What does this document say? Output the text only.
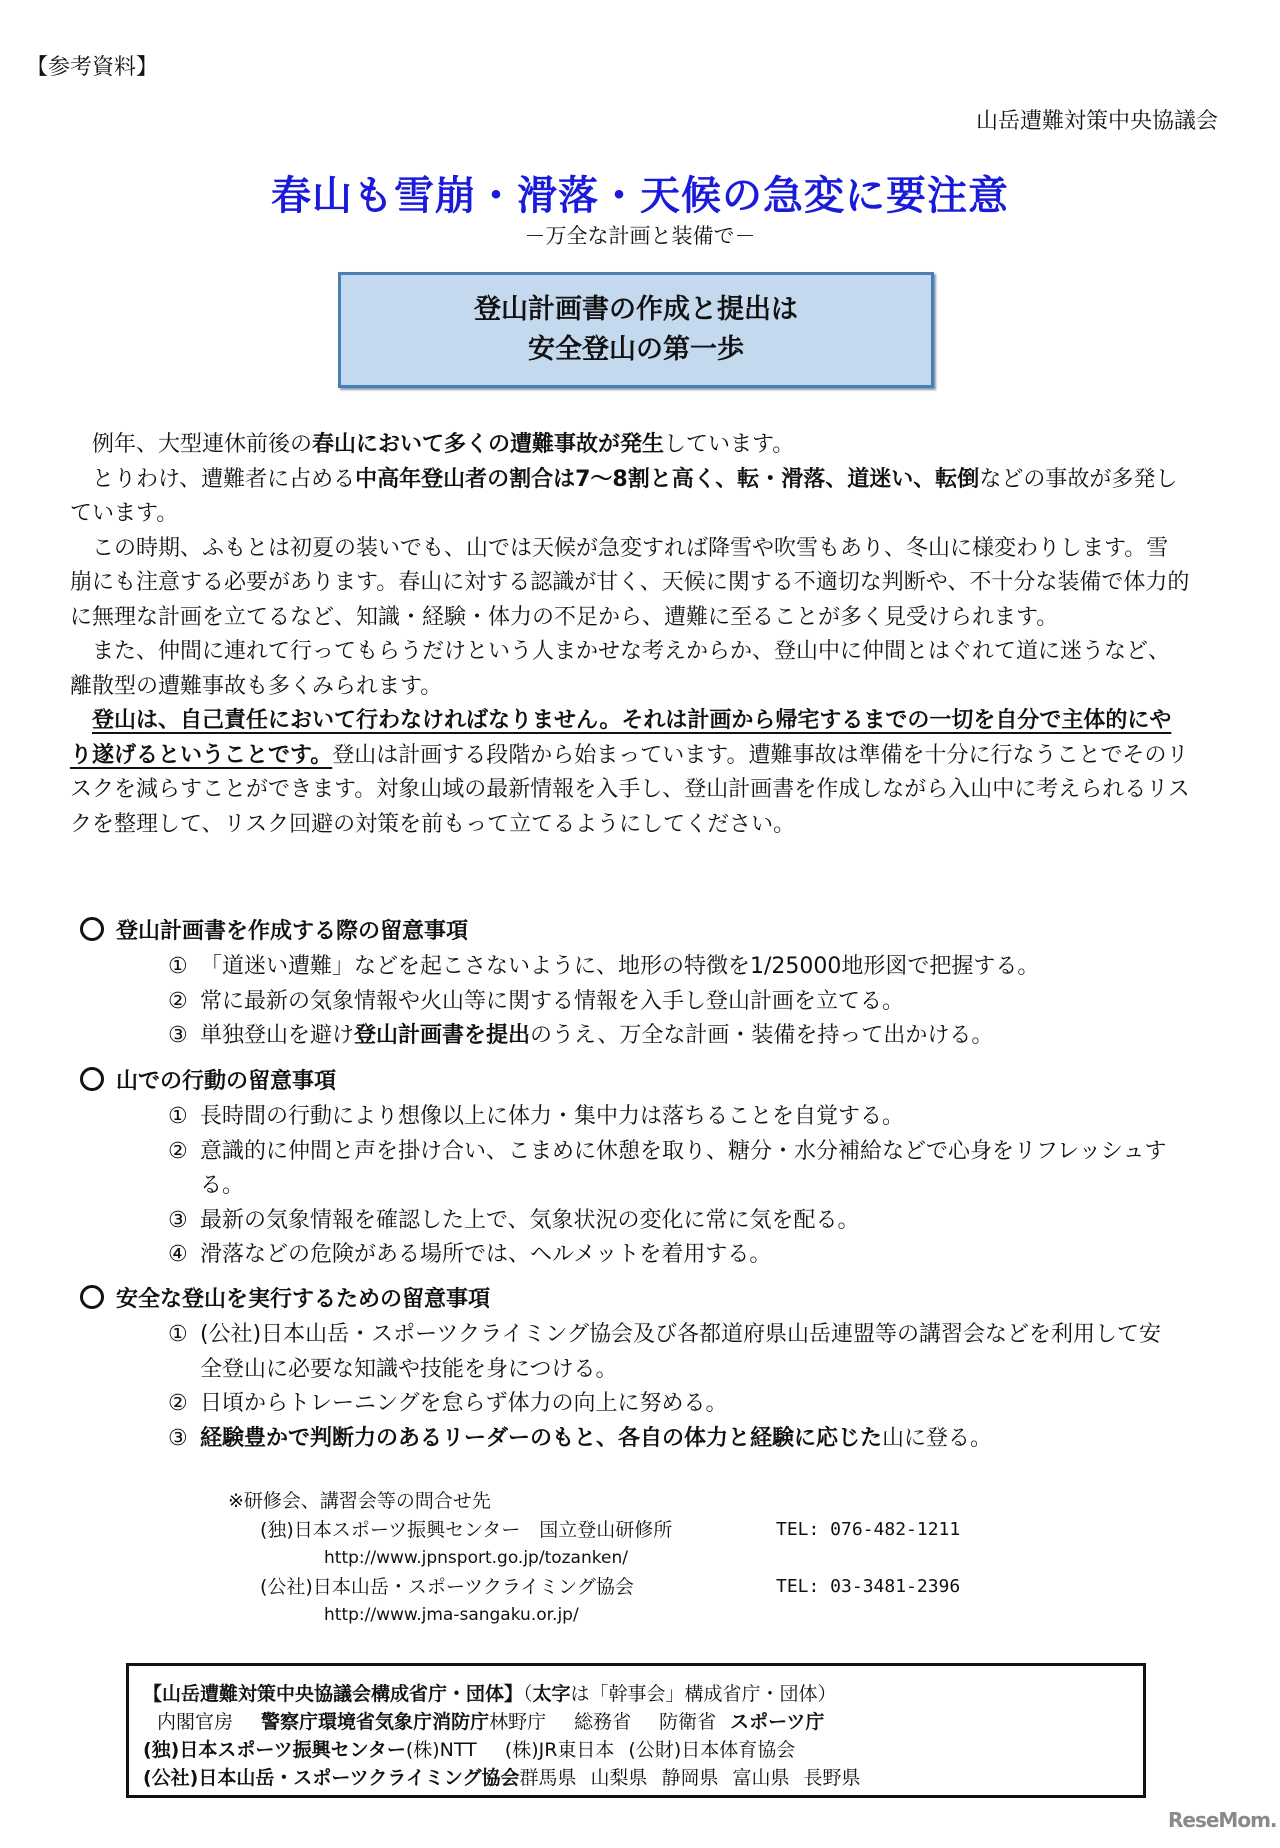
【参考資料】
山岳遭難対策中央協議会
春山も雪崩・滑落・天候の急変に要注意
－万全な計画と装備で－
登山計画書の作成と提出は
安全登山の第一歩

例年、大型連休前後の春山において多くの遭難事故が発生しています。

とりわけ、遭難者に占める中高年登山者の割合は7～8割と高く、転・滑落、道迷い、転倒などの事故が多発しています。

この時期、ふもとは初夏の装いでも、山では天候が急変すれば降雪や吹雪もあり、冬山に様変わりします。雪崩にも注意する必要があります。春山に対する認識が甘く、天候に関する不適切な判断や、不十分な装備で体力的に無理な計画を立てるなど、知識・経験・体力の不足から、遭難に至ることが多く見受けられます。

また、仲間に連れて行ってもらうだけという人まかせな考えからか、登山中に仲間とはぐれて道に迷うなど、離散型の遭難事故も多くみられます。

登山は、自己責任において行わなければなりません。それは計画から帰宅するまでの一切を自分で主体的にやり遂げるということです。登山は計画する段階から始まっています。遭難事故は準備を十分に行なうことでそのリスクを減らすことができます。対象山域の最新情報を入手し、登山計画書を作成しながら入山中に考えられるリスクを整理して、リスク回避の対策を前もって立てるようにしてください。

登山計画書を作成する際の留意事項
① 「道迷い遭難」などを起こさないように、地形の特徴を1/25000地形図で把握する。
② 常に最新の気象情報や火山等に関する情報を入手し登山計画を立てる。
③ 単独登山を避け登山計画書を提出のうえ、万全な計画・装備を持って出かける。
山での行動の留意事項
① 長時間の行動により想像以上に体力・集中力は落ちることを自覚する。
② 意識的に仲間と声を掛け合い、こまめに休憩を取り、糖分・水分補給などで心身をリフレッシュする。
③ 最新の気象情報を確認した上で、気象状況の変化に常に気を配る。
④ 滑落などの危険がある場所では、ヘルメットを着用する。
安全な登山を実行するための留意事項
① (公社)日本山岳・スポーツクライミング協会及び各都道府県山岳連盟等の講習会などを利用して安全登山に必要な知識や技能を身につける。
② 日頃からトレーニングを怠らず体力の向上に努める。
③ 経験豊かで判断力のあるリーダーのもと、各自の体力と経験に応じた山に登る。
※研修会、講習会等の問合せ先
(独)日本スポーツ振興センター　国立登山研修所	TEL: 076-482-1211
http://www.jpnsport.go.jp/tozanken/
(公社)日本山岳・スポーツクライミング協会	TEL: 03-3481-2396
http://www.jma-sangaku.or.jp/
【山岳遭難対策中央協議会構成省庁・団体】（太字は「幹事会」構成省庁・団体）
内閣官房 警察庁環境省気象庁消防庁林野庁 総務省 防衛省 スポーツ庁
(独)日本スポーツ振興センター(株)NTT (株)JR東日本 (公財)日本体育協会
(公社)日本山岳・スポーツクライミング協会群馬県 山梨県 静岡県 富山県 長野県
ReseMom.
